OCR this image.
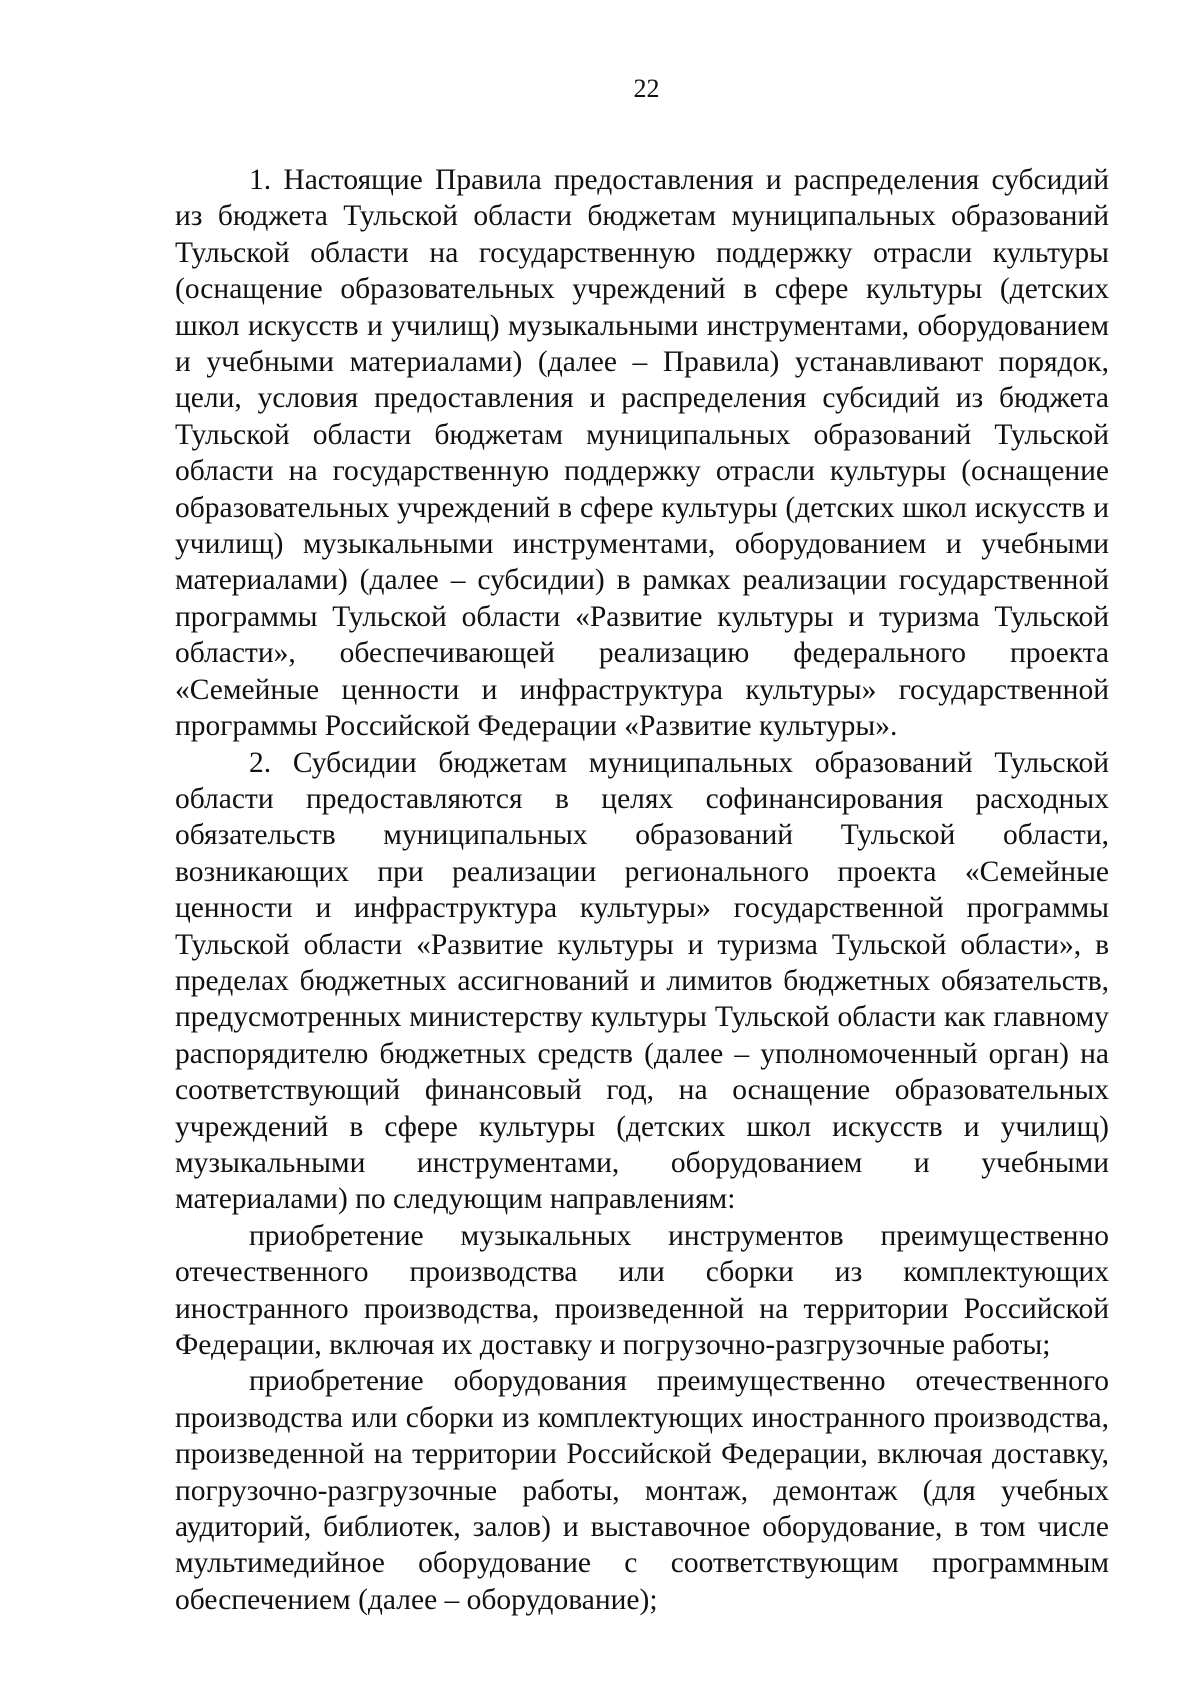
22

1. Настоящие Правила предоставления и распределения субсидий из бюджета Тульской области бюджетам муниципальных образований Тульской области на государственную поддержку отрасли культуры (оснащение образовательных учреждений в сфере культуры (детских школ искусств и училищ) музыкальными инструментами, оборудованием и учебными материалами) (далее – Правила) устанавливают порядок, цели, условия предоставления и распределения субсидий из бюджета Тульской области бюджетам муниципальных образований Тульской области на государственную поддержку отрасли культуры (оснащение образовательных учреждений в сфере культуры (детских школ искусств и училищ) музыкальными инструментами, оборудованием и учебными материалами) (далее – субсидии) в рамках реализации государственной программы Тульской области «Развитие культуры и туризма Тульской области», обеспечивающей реализацию федерального проекта «Семейные ценности и инфраструктура культуры» государственной программы Российской Федерации «Развитие культуры».

2. Субсидии бюджетам муниципальных образований Тульской области предоставляются в целях софинансирования расходных обязательств муниципальных образований Тульской области, возникающих при реализации регионального проекта «Семейные ценности и инфраструктура культуры» государственной программы Тульской области «Развитие культуры и туризма Тульской области», в пределах бюджетных ассигнований и лимитов бюджетных обязательств, предусмотренных министерству культуры Тульской области как главному распорядителю бюджетных средств (далее – уполномоченный орган) на соответствующий финансовый год, на оснащение образовательных учреждений в сфере культуры (детских школ искусств и училищ) музыкальными инструментами, оборудованием и учебными материалами) по следующим направлениям:

приобретение музыкальных инструментов преимущественно отечественного производства или сборки из комплектующих иностранного производства, произведенной на территории Российской Федерации, включая их доставку и погрузочно-разгрузочные работы;

приобретение оборудования преимущественно отечественного производства или сборки из комплектующих иностранного производства, произведенной на территории Российской Федерации, включая доставку, погрузочно-разгрузочные работы, монтаж, демонтаж (для учебных аудиторий, библиотек, залов) и выставочное оборудование, в том числе мультимедийное оборудование с соответствующим программным обеспечением (далее – оборудование);
